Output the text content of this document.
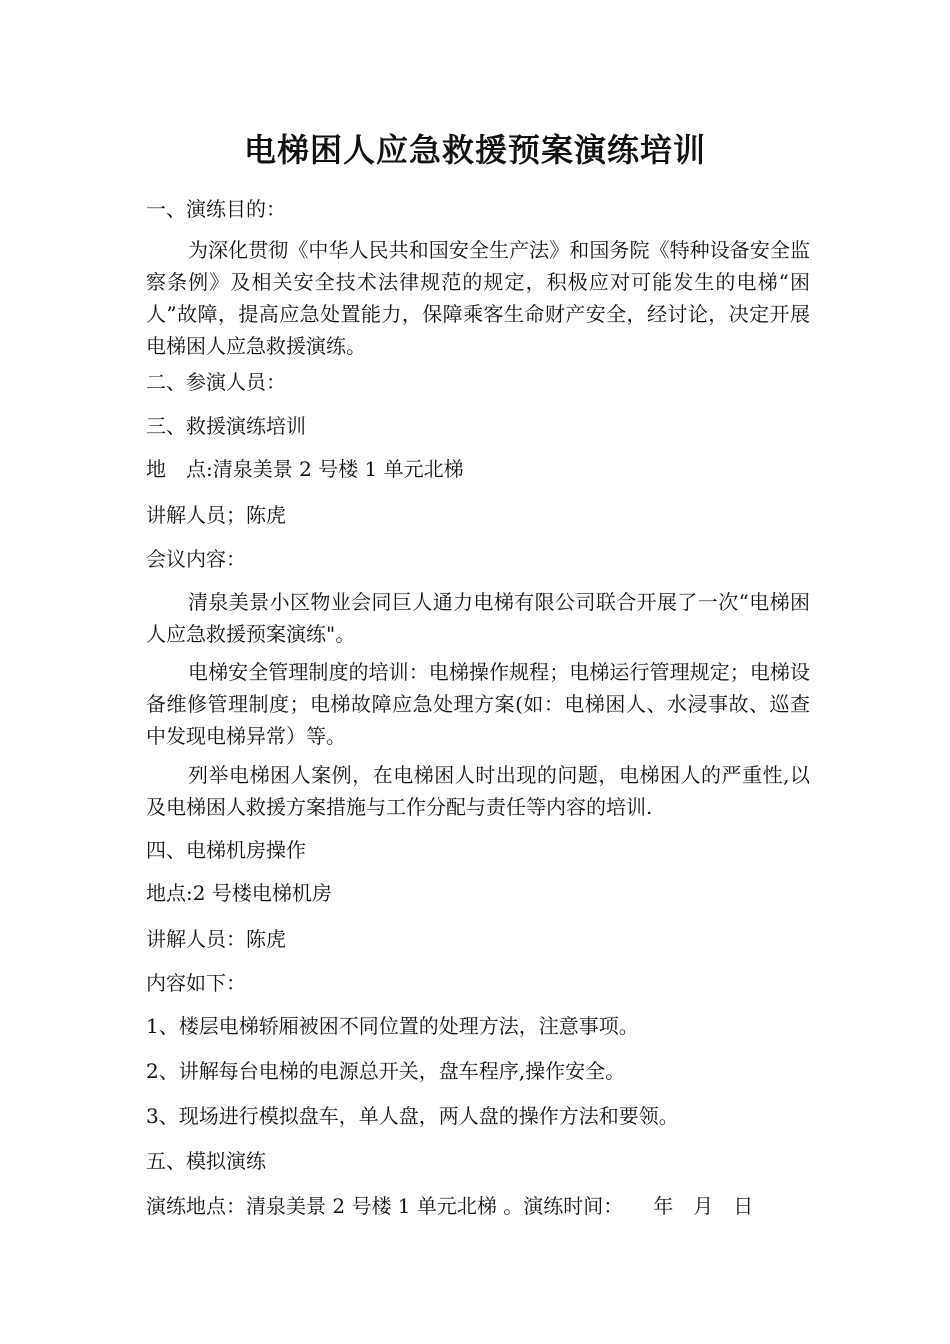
电梯困人应急救援预案演练培训
一、演练目的：
为深化贯彻《中华人民共和国安全生产法》和国务院《特种设备安全监察条例》及相关安全技术法律规范的规定，积极应对可能发生的电梯“困人”故障，提高应急处置能力，保障乘客生命财产安全，经讨论，决定开展电梯困人应急救援演练。
二、参演人员：
三、救援演练培训
地　点:清泉美景 2 号楼 1 单元北梯
讲解人员；陈虎
会议内容：
清泉美景小区物业会同巨人通力电梯有限公司联合开展了一次“电梯困人应急救援预案演练"。
电梯安全管理制度的培训：电梯操作规程；电梯运行管理规定；电梯设备维修管理制度；电梯故障应急处理方案(如：电梯困人、水浸事故、巡查中发现电梯异常）等。
列举电梯困人案例，在电梯困人时出现的问题，电梯困人的严重性,以及电梯困人救援方案措施与工作分配与责任等内容的培训.
四、电梯机房操作
地点:2 号楼电梯机房
讲解人员：陈虎
内容如下：
1、楼层电梯轿厢被困不同位置的处理方法，注意事项。
2、讲解每台电梯的电源总开关，盘车程序,操作安全。
3、现场进行模拟盘车，单人盘，两人盘的操作方法和要领。
五、模拟演练
演练地点：清泉美景 2 号楼 1 单元北梯 。演练时间：　　年　月　日
